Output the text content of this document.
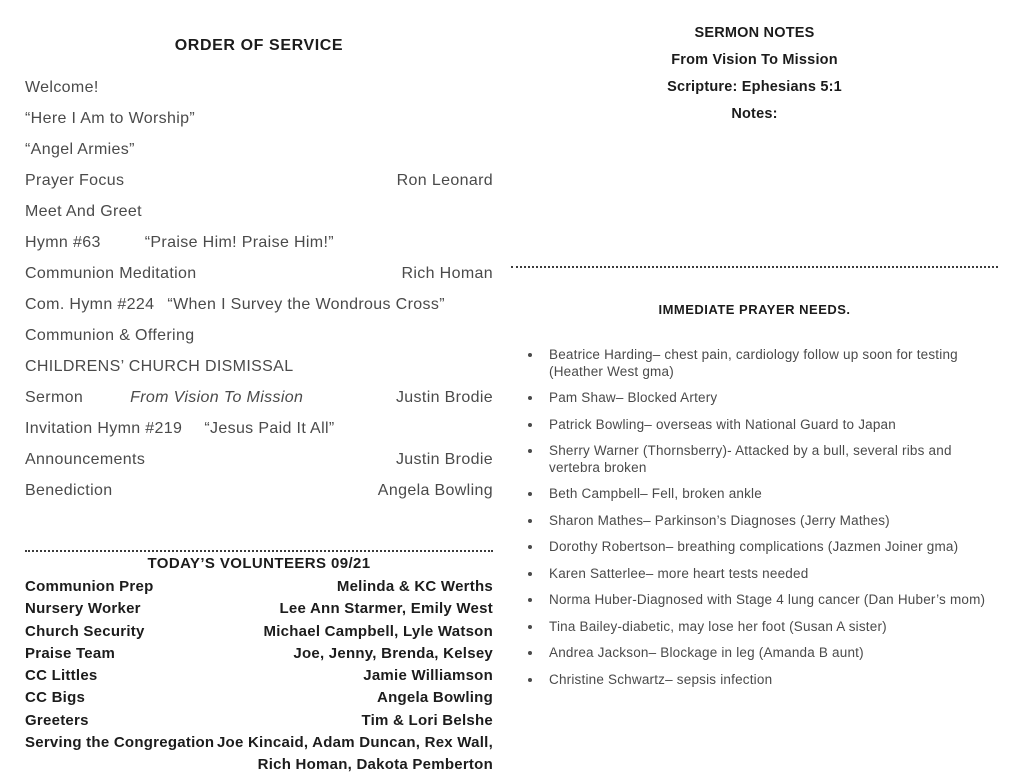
ORDER OF SERVICE
Welcome!
“Here I Am to Worship”
“Angel Armies”
Prayer Focus	Ron Leonard
Meet And Greet
Hymn #63	“Praise Him! Praise Him!”
Communion Meditation	Rich Homan
Com. Hymn #224 “When I Survey the Wondrous Cross”
Communion & Offering
CHILDRENS’ CHURCH DISMISSAL
Sermon	From Vision To Mission	Justin Brodie
Invitation Hymn #219 “Jesus Paid It All”
Announcements	Justin Brodie
Benediction	Angela Bowling
TODAY’S VOLUNTEERS 09/21
Communion Prep	Melinda & KC Werths
Nursery Worker	Lee Ann Starmer, Emily West
Church Security	Michael Campbell, Lyle Watson
Praise Team	Joe, Jenny, Brenda, Kelsey
CC Littles	Jamie Williamson
CC Bigs	Angela Bowling
Greeters	Tim & Lori Belshe
Serving the Congregation Joe Kincaid, Adam Duncan, Rex Wall, Rich Homan, Dakota Pemberton
SERMON NOTES
From Vision To Mission
Scripture: Ephesians 5:1
Notes:
IMMEDIATE PRAYER NEEDS.
• Beatrice Harding– chest pain, cardiology follow up soon for testing (Heather West gma)
• Pam Shaw– Blocked Artery
• Patrick Bowling– overseas with National Guard to Japan
• Sherry Warner (Thornsberry)- Attacked by a bull, several ribs and vertebra broken
• Beth Campbell– Fell, broken ankle
• Sharon Mathes– Parkinson’s Diagnoses (Jerry Mathes)
• Dorothy Robertson– breathing complications (Jazmen Joiner gma)
• Karen Satterlee– more heart tests needed
• Norma Huber-Diagnosed with Stage 4 lung cancer (Dan Huber’s mom)
• Tina Bailey-diabetic, may lose her foot (Susan A sister)
• Andrea Jackson– Blockage in leg (Amanda B aunt)
• Christine Schwartz– sepsis infection
